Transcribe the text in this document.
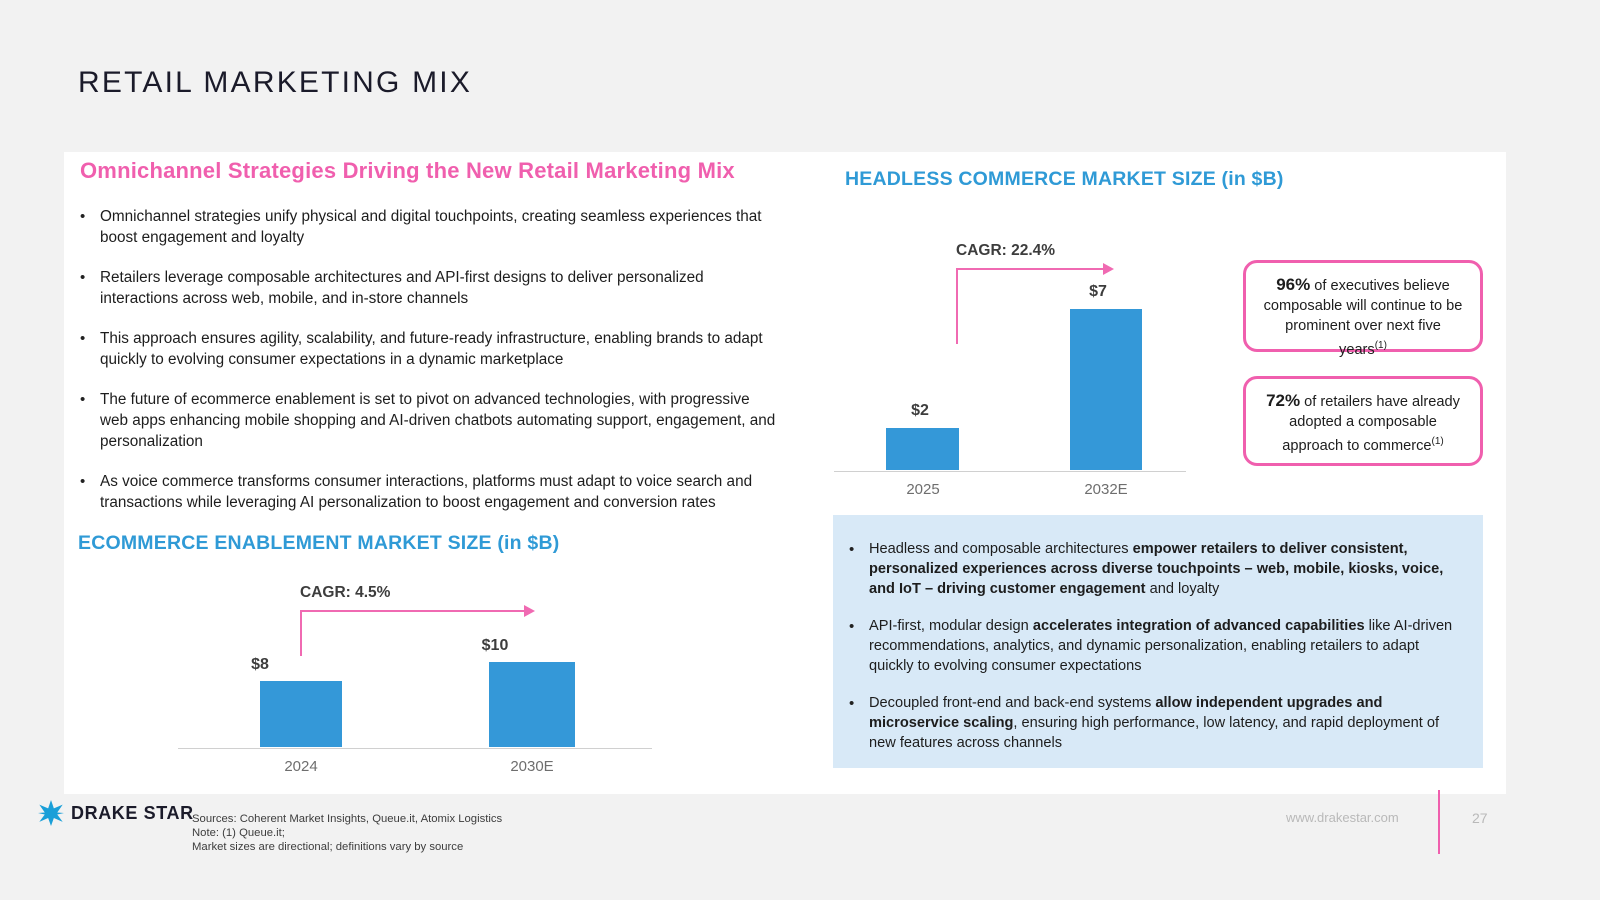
RETAIL MARKETING MIX
Omnichannel Strategies Driving the New Retail Marketing Mix
• Omnichannel strategies unify physical and digital touchpoints, creating seamless experiences that boost engagement and loyalty
• Retailers leverage composable architectures and API-first designs to deliver personalized interactions across web, mobile, and in-store channels
• This approach ensures agility, scalability, and future-ready infrastructure, enabling brands to adapt quickly to evolving consumer expectations in a dynamic marketplace
• The future of ecommerce enablement is set to pivot on advanced technologies, with progressive web apps enhancing mobile shopping and AI-driven chatbots automating support, engagement, and personalization
• As voice commerce transforms consumer interactions, platforms must adapt to voice search and transactions while leveraging AI personalization to boost engagement and conversion rates
ECOMMERCE ENABLEMENT MARKET SIZE (in $B)
CAGR: 4.5%
$8
$10
2024	2030E
HEADLESS COMMERCE MARKET SIZE (in $B)
CAGR: 22.4%
$2
$7
2025	2032E
96% of executives believe composable will continue to be prominent over next five years$^{(1)}$
72% of retailers have already adopted a composable approach to commerce$^{(1)}$
•	Headless and composable architectures empower retailers to deliver consistent, personalized experiences across diverse touchpoints – web, mobile, kiosks, voice, and IoT – driving customer engagement and loyalty
•	API-first, modular design accelerates integration of advanced capabilities like AI-driven recommendations, analytics, and dynamic personalization, enabling retailers to adapt quickly to evolving consumer expectations
•	Decoupled front-end and back-end systems allow independent upgrades and microservice scaling, ensuring high performance, low latency, and rapid deployment of new features across channels
DRAKE STAR
Sources: Coherent Market Insights, Queue.it, Atomix Logistics
Note: (1) Queue.it;
Market sizes are directional; definitions vary by source
www.drakestar.com	27
